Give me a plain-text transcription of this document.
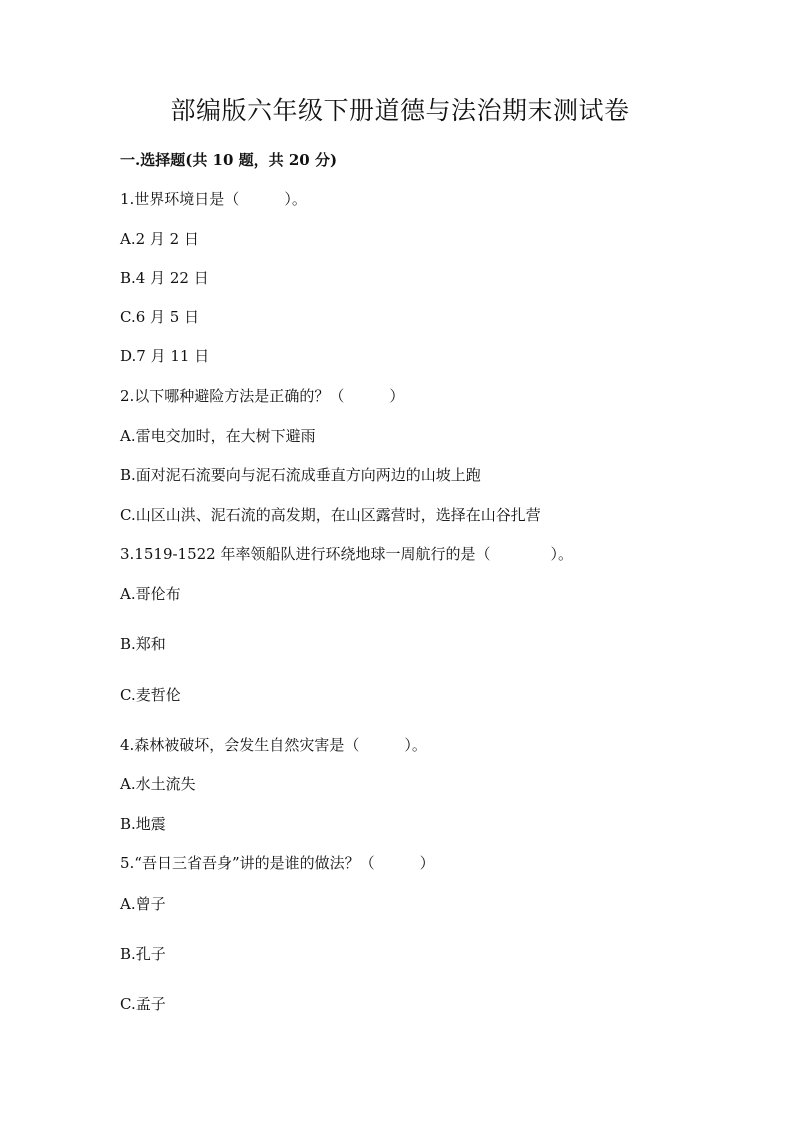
部编版六年级下册道德与法治期末测试卷
一.选择题(共 10 题，共 20 分)
1.世界环境日是（　　　）。
A.2 月 2 日
B.4 月 22 日
C.6 月 5 日
D.7 月 11 日
2.以下哪种避险方法是正确的？（　　　）
A.雷电交加时，在大树下避雨
B.面对泥石流要向与泥石流成垂直方向两边的山坡上跑
C.山区山洪、泥石流的高发期，在山区露营时，选择在山谷扎营
3.1519-1522 年率领船队进行环绕地球一周航行的是（　　　　）。
A.哥伦布
B.郑和
C.麦哲伦
4.森林被破坏，会发生自然灾害是（　　　）。
A.水土流失
B.地震
5.“吾日三省吾身”讲的是谁的做法？（　　　）
A.曾子
B.孔子
C.孟子
